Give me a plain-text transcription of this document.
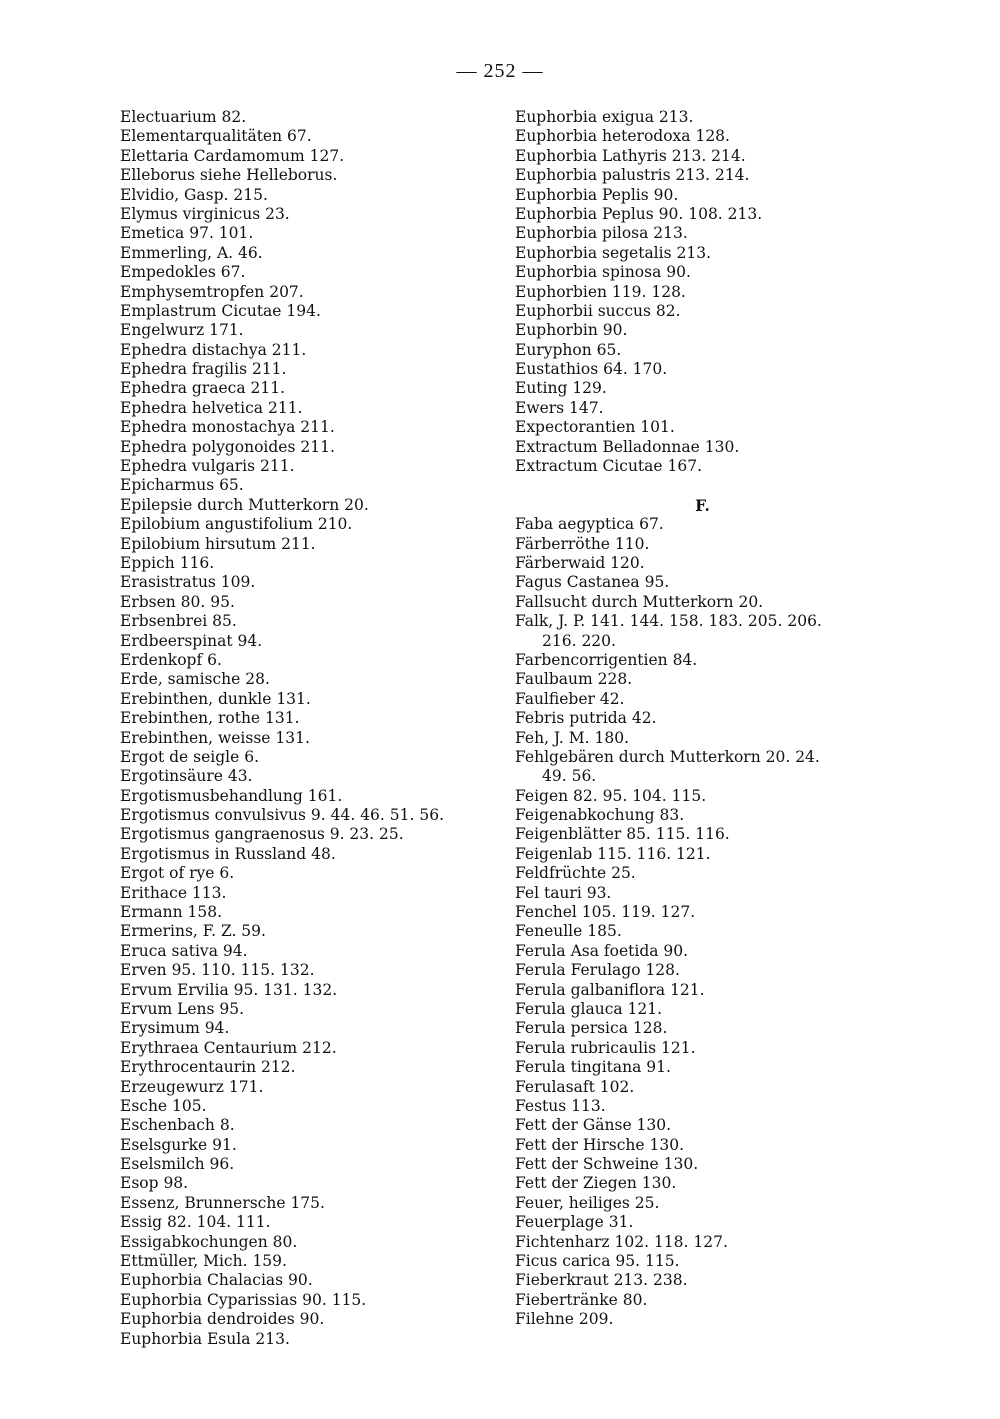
— 252 —
Electuarium 82.
Elementarqualitäten 67.
Elettaria Cardamomum 127.
Elleborus siehe Helleborus.
Elvidio, Gasp. 215.
Elymus virginicus 23.
Emetica 97. 101.
Emmerling, A. 46.
Empedokles 67.
Emphysemtropfen 207.
Emplastrum Cicutae 194.
Engelwurz 171.
Ephedra distachya 211.
Ephedra fragilis 211.
Ephedra graeca 211.
Ephedra helvetica 211.
Ephedra monostachya 211.
Ephedra polygonoides 211.
Ephedra vulgaris 211.
Epicharmus 65.
Epilepsie durch Mutterkorn 20.
Epilobium angustifolium 210.
Epilobium hirsutum 211.
Eppich 116.
Erasistratus 109.
Erbsen 80. 95.
Erbsenbrei 85.
Erdbeerspinat 94.
Erdenkopf 6.
Erde, samische 28.
Erebinthen, dunkle 131.
Erebinthen, rothe 131.
Erebinthen, weisse 131.
Ergot de seigle 6.
Ergotinsäure 43.
Ergotismusbehandlung 161.
Ergotismus convulsivus 9. 44. 46. 51. 56.
Ergotismus gangraenosus 9. 23. 25.
Ergotismus in Russland 48.
Ergot of rye 6.
Erithace 113.
Ermann 158.
Ermerins, F. Z. 59.
Eruca sativa 94.
Erven 95. 110. 115. 132.
Ervum Ervilia 95. 131. 132.
Ervum Lens 95.
Erysimum 94.
Erythraea Centaurium 212.
Erythrocentaurin 212.
Erzeugewurz 171.
Esche 105.
Eschenbach 8.
Eselsgurke 91.
Eselsmilch 96.
Esop 98.
Essenz, Brunnersche 175.
Essig 82. 104. 111.
Essigabkochungen 80.
Ettmüller, Mich. 159.
Euphorbia Chalacias 90.
Euphorbia Cyparissias 90. 115.
Euphorbia dendroides 90.
Euphorbia Esula 213.
Euphorbia exigua 213.
Euphorbia heterodoxa 128.
Euphorbia Lathyris 213. 214.
Euphorbia palustris 213. 214.
Euphorbia Peplis 90.
Euphorbia Peplus 90. 108. 213.
Euphorbia pilosa 213.
Euphorbia segetalis 213.
Euphorbia spinosa 90.
Euphorbien 119. 128.
Euphorbii succus 82.
Euphorbin 90.
Euryphon 65.
Eustathios 64. 170.
Euting 129.
Ewers 147.
Expectorantien 101.
Extractum Belladonnae 130.
Extractum Cicutae 167.
F.
Faba aegyptica 67.
Färberröthe 110.
Färberwaid 120.
Fagus Castanea 95.
Fallsucht durch Mutterkorn 20.
Falk, J. P. 141. 144. 158. 183. 205. 206.
216. 220.
Farbencorrigentien 84.
Faulbaum 228.
Faulfieber 42.
Febris putrida 42.
Feh, J. M. 180.
Fehlgebären durch Mutterkorn 20. 24.
49. 56.
Feigen 82. 95. 104. 115.
Feigenabkochung 83.
Feigenblätter 85. 115. 116.
Feigenlab 115. 116. 121.
Feldfrüchte 25.
Fel tauri 93.
Fenchel 105. 119. 127.
Feneulle 185.
Ferula Asa foetida 90.
Ferula Ferulago 128.
Ferula galbaniflora 121.
Ferula glauca 121.
Ferula persica 128.
Ferula rubricaulis 121.
Ferula tingitana 91.
Ferulasaft 102.
Festus 113.
Fett der Gänse 130.
Fett der Hirsche 130.
Fett der Schweine 130.
Fett der Ziegen 130.
Feuer, heiliges 25.
Feuerplage 31.
Fichtenharz 102. 118. 127.
Ficus carica 95. 115.
Fieberkraut 213. 238.
Fiebertränke 80.
Filehne 209.
